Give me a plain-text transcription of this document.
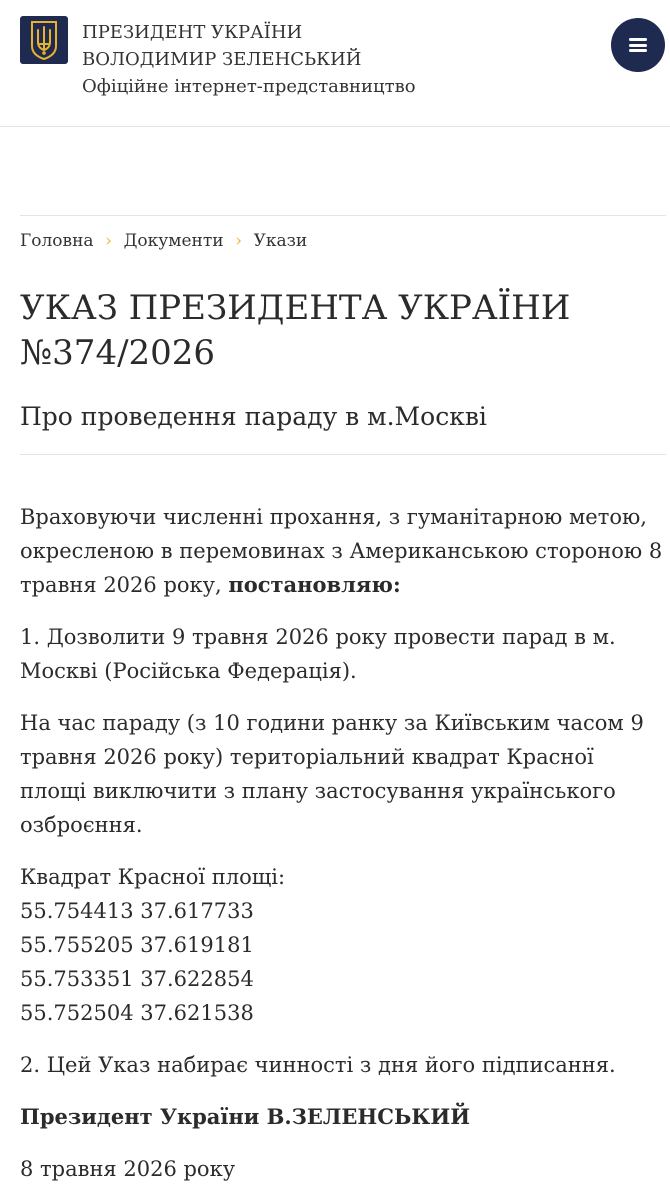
ПРЕЗИДЕНТ УКРАЇНИ
ВОЛОДИМИР ЗЕЛЕНСЬКИЙ
Офіційне інтернет-представництво
Головна › Документи › Укази
УКАЗ ПРЕЗИДЕНТА УКРАЇНИ
№374/2026
Про проведення параду в м.Москві

Враховуючи численні прохання, з гуманітарною метою, окресленою в перемовинах з Американською стороною 8 травня 2026 року, постановляю:

1. Дозволити 9 травня 2026 року провести парад в м. Москві (Російська Федерація).

На час параду (з 10 години ранку за Київським часом 9 травня 2026 року) територіальний квадрат Красної площі виключити з плану застосування українського озброєння.

Квадрат Красної площі:
55.754413 37.617733
55.755205 37.619181
55.753351 37.622854
55.752504 37.621538

2. Цей Указ набирає чинності з дня його підписання.

Президент України В.ЗЕЛЕНСЬКИЙ

8 травня 2026 року
